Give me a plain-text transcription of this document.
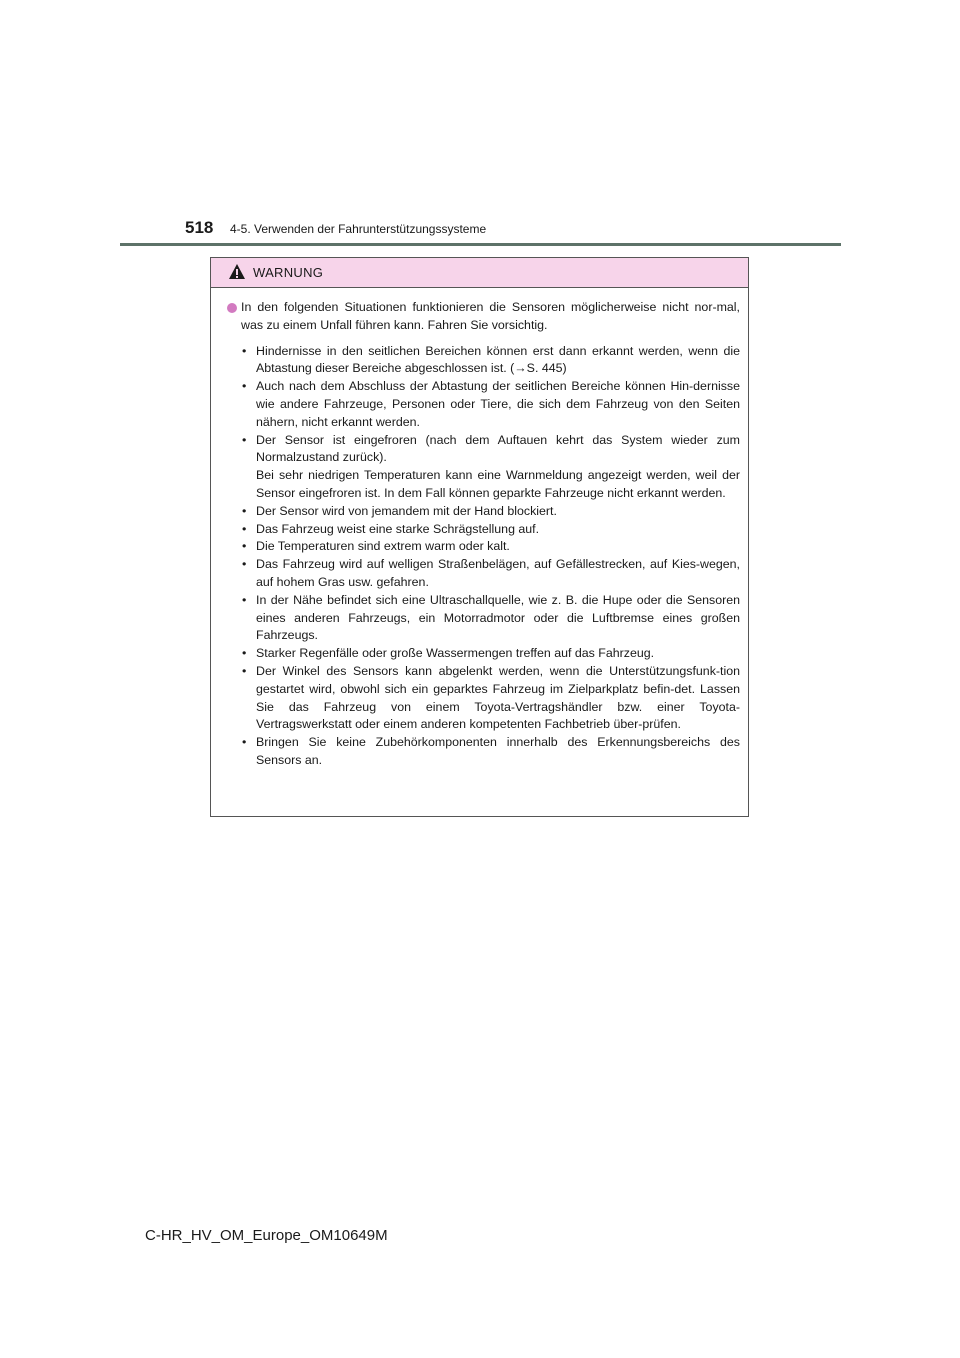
518 4-5. Verwenden der Fahrunterstützungssysteme
WARNUNG
In den folgenden Situationen funktionieren die Sensoren möglicherweise nicht nor-mal, was zu einem Unfall führen kann. Fahren Sie vorsichtig.
• Hindernisse in den seitlichen Bereichen können erst dann erkannt werden, wenn die Abtastung dieser Bereiche abgeschlossen ist. (→S. 445)
• Auch nach dem Abschluss der Abtastung der seitlichen Bereiche können Hin-dernisse wie andere Fahrzeuge, Personen oder Tiere, die sich dem Fahrzeug von den Seiten nähern, nicht erkannt werden.
• Der Sensor ist eingefroren (nach dem Auftauen kehrt das System wieder zum Normalzustand zurück).
Bei sehr niedrigen Temperaturen kann eine Warnmeldung angezeigt werden, weil der Sensor eingefroren ist. In dem Fall können geparkte Fahrzeuge nicht erkannt werden.
• Der Sensor wird von jemandem mit der Hand blockiert.
• Das Fahrzeug weist eine starke Schrägstellung auf.
• Die Temperaturen sind extrem warm oder kalt.
• Das Fahrzeug wird auf welligen Straßenbelägen, auf Gefällestrecken, auf Kies-wegen, auf hohem Gras usw. gefahren.
• In der Nähe befindet sich eine Ultraschallquelle, wie z. B. die Hupe oder die Sensoren eines anderen Fahrzeugs, ein Motorradmotor oder die Luftbremse eines großen Fahrzeugs.
• Starker Regenfälle oder große Wassermengen treffen auf das Fahrzeug.
• Der Winkel des Sensors kann abgelenkt werden, wenn die Unterstützungsfunk-tion gestartet wird, obwohl sich ein geparktes Fahrzeug im Zielparkplatz befin-det. Lassen Sie das Fahrzeug von einem Toyota-Vertragshändler bzw. einer Toyota-Vertragswerkstatt oder einem anderen kompetenten Fachbetrieb über-prüfen.
• Bringen Sie keine Zubehörkomponenten innerhalb des Erkennungsbereichs des Sensors an.
C-HR_HV_OM_Europe_OM10649M
